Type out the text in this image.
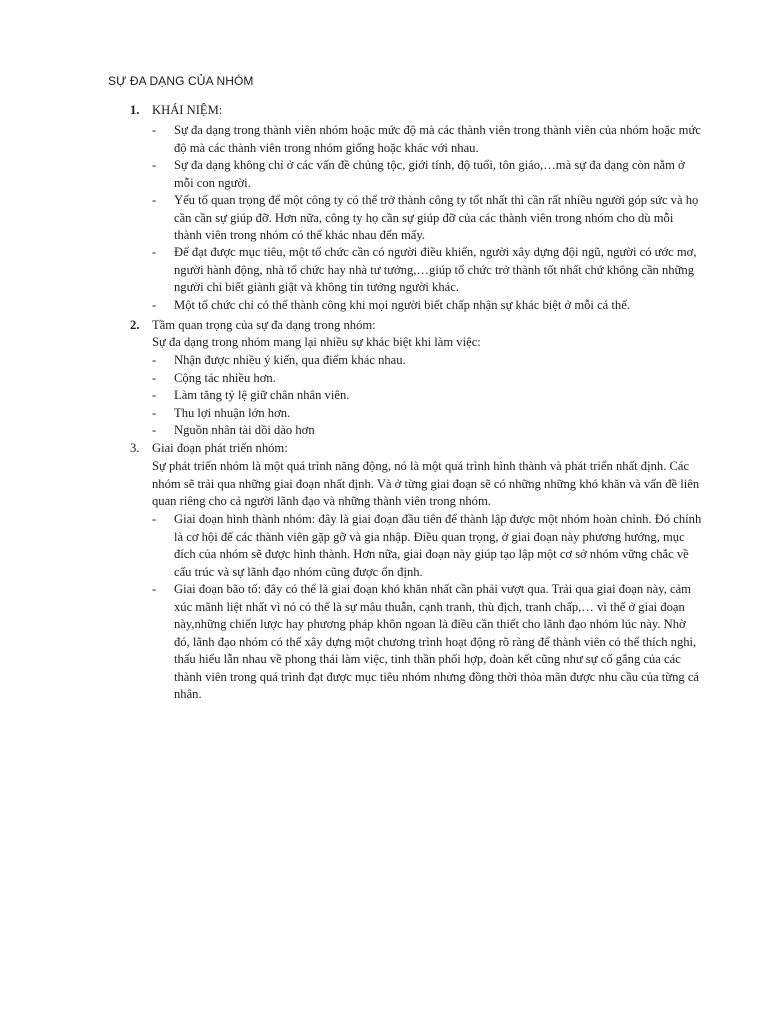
SỰ ĐA DẠNG CỦA NHÓM
1. KHÁI NIỆM:
- Sự đa dạng trong thành viên nhóm hoặc mức độ mà các thành viên trong thành viên của nhóm hoặc mức độ mà các thành viên trong nhóm giống hoặc khác với nhau.
- Sự đa dạng không chỉ ở các vấn đề chủng tộc, giới tính, độ tuổi, tôn giáo,…mà sự đa dạng còn nằm ở mỗi con người.
- Yếu tố quan trọng để một công ty có thể trở thành công ty tốt nhất thì cần rất nhiều người góp sức và họ cần cần sự giúp đỡ. Hơn nữa, công ty họ cần sự giúp đỡ của các thành viên trong nhóm cho dù mỗi thành viên trong nhóm có thể khác nhau đến mấy.
- Để đạt được mục tiêu, một tổ chức cần có người điều khiển, người xây dựng đội ngũ, người có ước mơ, người hành động, nhà tổ chức hay nhà tư tưởng,…giúp tổ chức trở thành tốt nhất chứ không cần những người chỉ biết giành giật và không tin tưởng người khác.
- Một tổ chức chỉ có thể thành công khi mọi người biết chấp nhận sự khác biệt ở mỗi cá thể.
2. Tầm quan trọng của sự đa dạng trong nhóm:
Sự đa dạng trong nhóm mang lại nhiều sự khác biệt khi làm việc:
- Nhận được nhiều ý kiến, qua điểm khác nhau.
- Cộng tác nhiều hơn.
- Làm tăng tỷ lệ giữ chân nhân viên.
- Thu lợi nhuận lớn hơn.
- Nguồn nhân tài dồi dào hơn
3. Giai đoạn phát triển nhóm:
Sự phát triển nhóm là một quá trình năng động, nó là một quá trình hình thành và phát triển nhất định. Các nhóm sẽ trải qua những giai đoạn nhất định. Và ở từng giai đoạn sẽ có những những khó khăn và vấn đề liên quan riêng cho cả người lãnh đạo và những thành viên trong nhóm.
- Giai đoạn hình thành nhóm: đây là giai đoạn đầu tiên để thành lập được một nhóm hoàn chỉnh. Đó chính là cơ hội để các thành viên gặp gỡ và gia nhập. Điều quan trọng, ở giai đoạn này phương hướng, mục đích của nhóm sẽ được hình thành. Hơn nữa, giai đoạn này giúp tạo lập một cơ sở nhóm vững chắc về cấu trúc và sự lãnh đạo nhóm cũng được ổn định.
- Giai đoạn bão tố: đây có thể là giai đoạn khó khăn nhất cần phải vượt qua. Trải qua giai đoạn này, cảm xúc mãnh liệt nhất vì nó có thể là sự mâu thuẫn, cạnh tranh, thù địch, tranh chấp,… vì thế ở giai đoạn này,những chiến lược hay phương pháp khôn ngoan là điều cần thiết cho lãnh đạo nhóm lúc này. Nhờ đó, lãnh đạo nhóm có thể xây dựng một chương trình hoạt động rõ ràng để thành viên có thể thích nghi, thấu hiểu lẫn nhau về phong thái làm việc, tinh thần phối hợp, đoàn kết cũng như sự cố gắng của các thành viên trong quá trình đạt được mục tiêu nhóm nhưng đồng thời thỏa mãn được nhu cầu của từng cá nhân.
